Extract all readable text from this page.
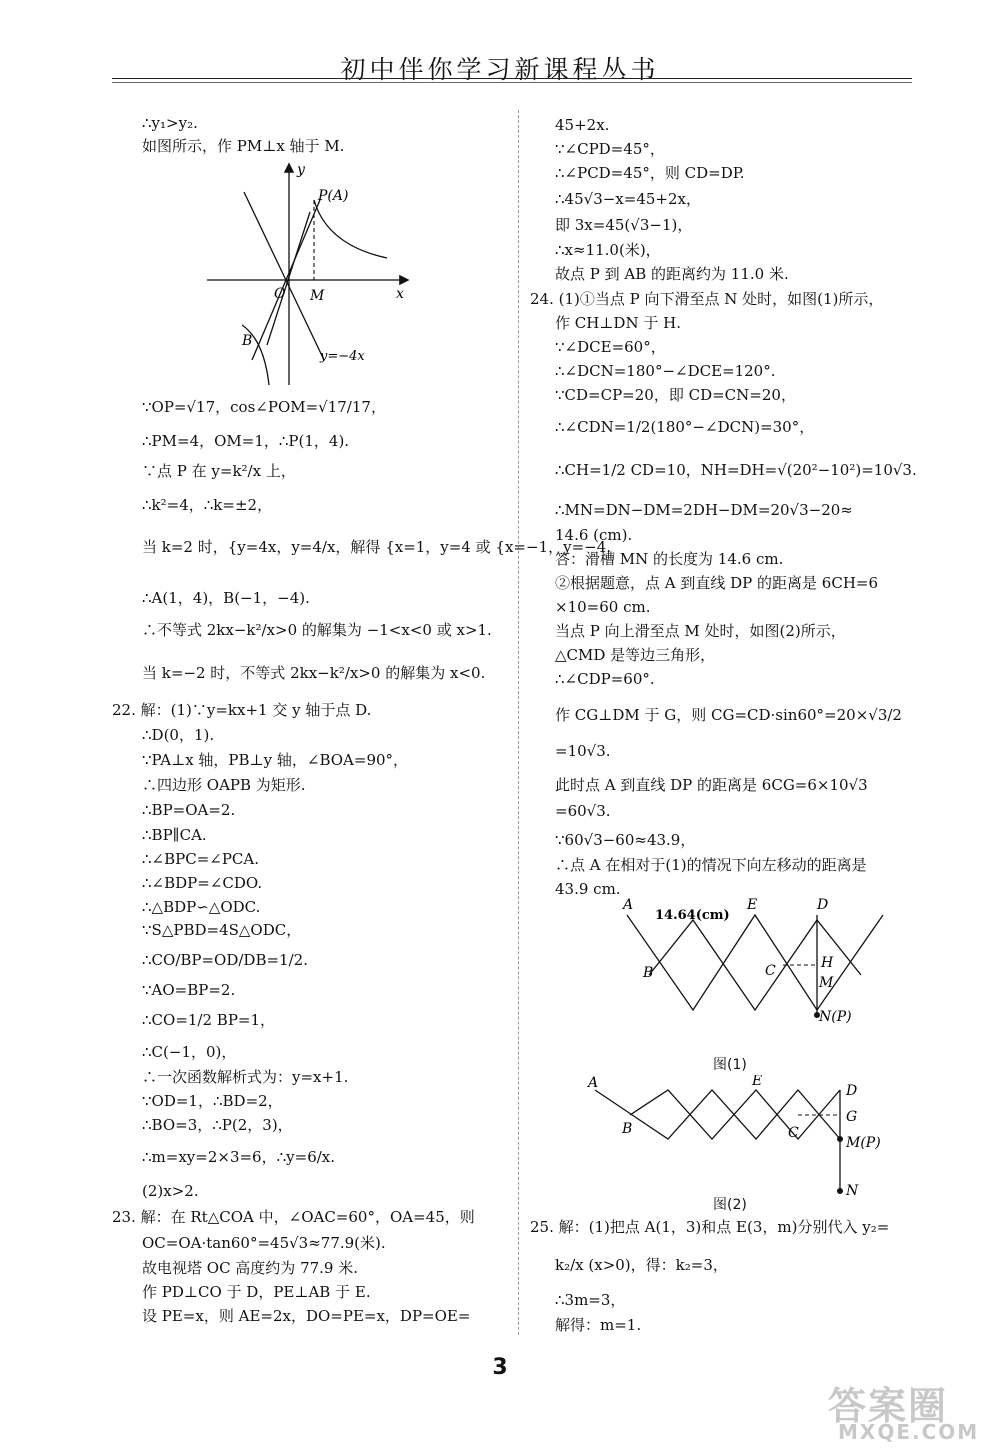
初中伴你学习新课程丛书
∴y₁>y₂.
如图所示，作 PM⊥x 轴于 M.
y
x
O M
P(A)
B
y=−4x
∵OP=√17，cos∠POM=√17/17，
∴PM=4，OM=1，∴P(1，4).
∵点 P 在 y=k²/x 上，
∴k²=4，∴k=±2，
当 k=2 时，{y=4x，y=4/x，解得 {x=1，y=4 或 {x=−1，y=−4.
∴A(1，4)，B(−1，−4).
∴不等式 2kx−k²/x>0 的解集为 −1<x<0 或 x>1.
当 k=−2 时，不等式 2kx−k²/x>0 的解集为 x<0.
22. 解：(1)∵y=kx+1 交 y 轴于点 D.
∴D(0，1).
∵PA⊥x 轴，PB⊥y 轴，∠BOA=90°，
∴四边形 OAPB 为矩形.
∴BP=OA=2.
∴BP∥CA.
∴∠BPC=∠PCA.
∴∠BDP=∠CDO.
∴△BDP∽△ODC.
∵S△PBD=4S△ODC，
∴CO/BP=OD/DB=1/2.
∵AO=BP=2.
∴CO=1/2 BP=1，
∴C(−1，0)，
∴一次函数解析式为：y=x+1.
∵OD=1，∴BD=2，
∴BO=3，∴P(2，3)，
∴m=xy=2×3=6，∴y=6/x.
(2)x>2.
23. 解：在 Rt△COA 中，∠OAC=60°，OA=45，则
OC=OA·tan60°=45√3≈77.9(米).
故电视塔 OC 高度约为 77.9 米.
作 PD⊥CO 于 D，PE⊥AB 于 E.
设 PE=x，则 AE=2x，DO=PE=x，DP=OE=
45+2x.
∵∠CPD=45°，
∴∠PCD=45°，则 CD=DP.
∴45√3−x=45+2x，
即 3x=45(√3−1)，
∴x≈11.0(米)，
故点 P 到 AB 的距离约为 11.0 米.
24. (1)①当点 P 向下滑至点 N 处时，如图(1)所示，
作 CH⊥DN 于 H.
∵∠DCE=60°，
∴∠DCN=180°−∠DCE=120°.
∵CD=CP=20，即 CD=CN=20，
∴∠CDN=1/2(180°−∠DCN)=30°，
∴CH=1/2 CD=10，NH=DH=√(20²−10²)=10√3.
∴MN=DN−DM=2DH−DM=20√3−20≈
14.6 (cm).
答：滑槽 MN 的长度为 14.6 cm.
②根据题意，点 A 到直线 DP 的距离是 6CH=6
×10=60 cm.
当点 P 向上滑至点 M 处时，如图(2)所示，
△CMD 是等边三角形，
∴∠CDP=60°.
作 CG⊥DM 于 G，则 CG=CD·sin60°=20×√3/2
=10√3.
此时点 A 到直线 DP 的距离是 6CG=6×10√3
=60√3.
∵60√3−60≈43.9，
∴点 A 在相对于(1)的情况下向左移动的距离是
43.9 cm.
A
14.64(cm)
E	D
B	C	H
M
N(P)
图(1)
A	E
D
G
B	C
M(P)
N
图(2)
25. 解：(1)把点 A(1，3)和点 E(3，m)分别代入 y₂=
k₂/x (x>0)，得：k₂=3，
∴3m=3，
解得：m=1.
3
答案圈
MXQE.COM
